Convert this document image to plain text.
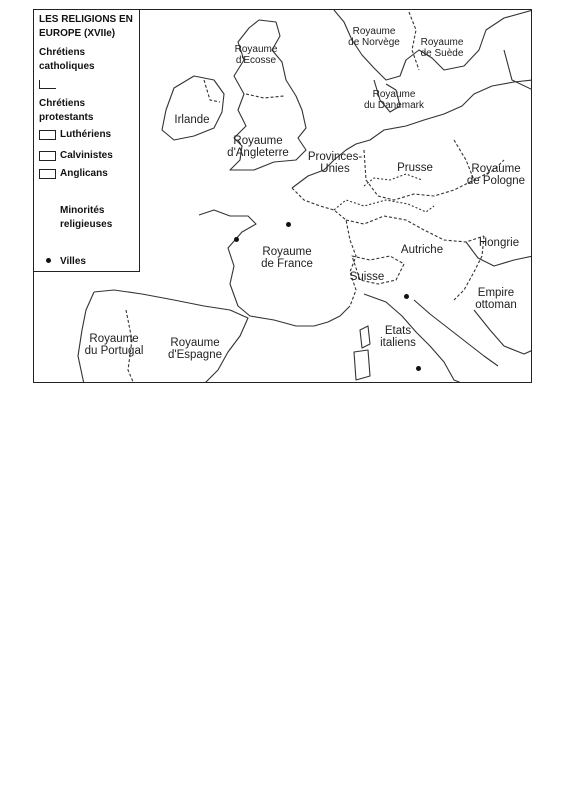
Royaume
d'Ecosse
Royaume
de Norvège	Royaume
de Suède
Royaume
du Danemark
Irlande
Royaume
d'Angleterre	Provinces-
Unies	Prusse	Royaume
de Pologne
Royaume
de France
Autriche
Hongrie
Suisse
Empire
ottoman
Royaume
du Portugal
Royaume
d'Espagne
Etats
italiens
LES RELIGIONS EN
EUROPE (XVIIe)
Chrétiens
catholiques
Chrétiens
protestants
Luthériens
Calvinistes
Anglicans
Minorités
religieuses
Villes
